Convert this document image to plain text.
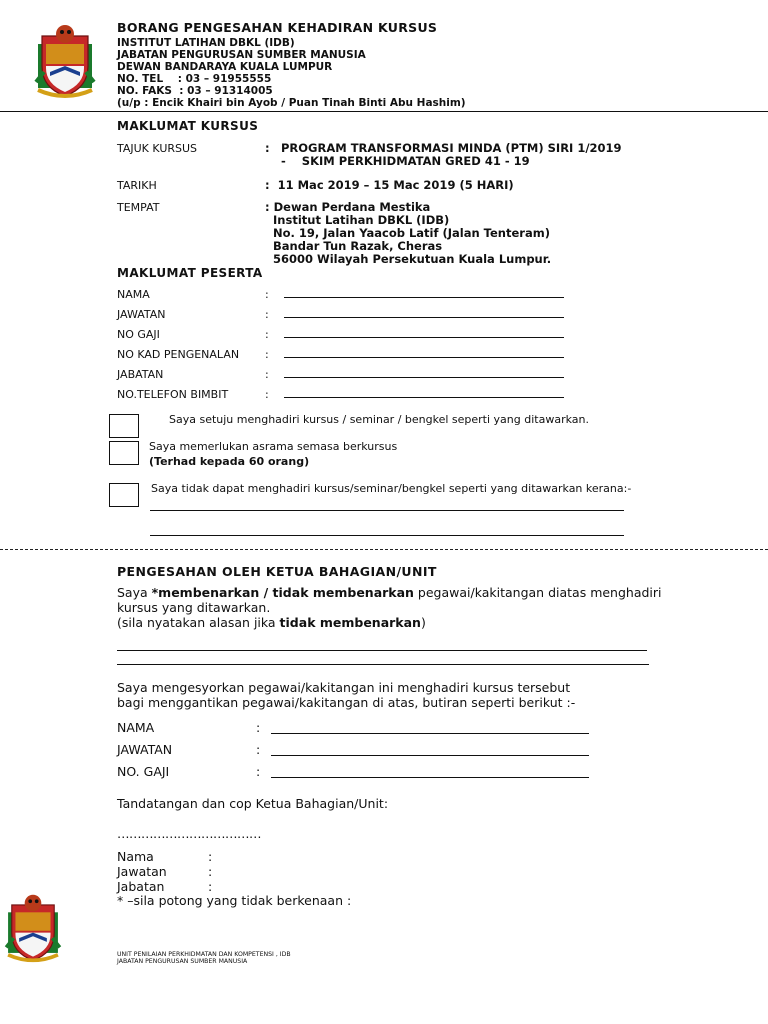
BORANG PENGESAHAN KEHADIRAN KURSUS
INSTITUT LATIHAN DBKL (IDB)
JABATAN PENGURUSAN SUMBER MANUSIA
DEWAN BANDARAYA KUALA LUMPUR
NO. TEL    : 03 – 91955555
NO. FAKS  : 03 – 91314005
(u/p : Encik Khairi bin Ayob / Puan Tinah Binti Abu Hashim)
MAKLUMAT KURSUS
TAJUK KURSUS	: PROGRAM TRANSFORMASI MINDA (PTM) SIRI 1/2019
-    SKIM PERKHIDMATAN GRED 41 - 19
TARIKH	:  11 Mac 2019 – 15 Mac 2019 (5 HARI)
TEMPAT	: Dewan Perdana Mestika
Institut Latihan DBKL (IDB)
No. 19, Jalan Yaacob Latif (Jalan Tenteram)
Bandar Tun Razak, Cheras
56000 Wilayah Persekutuan Kuala Lumpur.
MAKLUMAT PESERTA
NAMA	:
JAWATAN	:
NO GAJI	:
NO KAD PENGENALAN :
JABATAN	:
NO.TELEFON BIMBIT	:
Saya setuju menghadiri kursus / seminar / bengkel seperti yang ditawarkan.
Saya memerlukan asrama semasa berkursus
(Terhad kepada 60 orang)
Saya tidak dapat menghadiri kursus/seminar/bengkel seperti yang ditawarkan kerana:-
PENGESAHAN OLEH KETUA BAHAGIAN/UNIT
Saya *membenarkan / tidak membenarkan pegawai/kakitangan diatas menghadiri
kursus yang ditawarkan.
(sila nyatakan alasan jika tidak membenarkan)
Saya mengesyorkan pegawai/kakitangan ini menghadiri kursus tersebut
bagi menggantikan pegawai/kakitangan di atas, butiran seperti berikut :-
NAMA	:
JAWATAN	:
NO. GAJI	:
Tandatangan dan cop Ketua Bahagian/Unit:
………………………………
Nama	:
Jawatan	:
Jabatan	:
* –sila potong yang tidak berkenaan :
UNIT PENILAIAN PERKHIDMATAN DAN KOMPETENSI , IDB
JABATAN PENGURUSAN SUMBER MANUSIA
